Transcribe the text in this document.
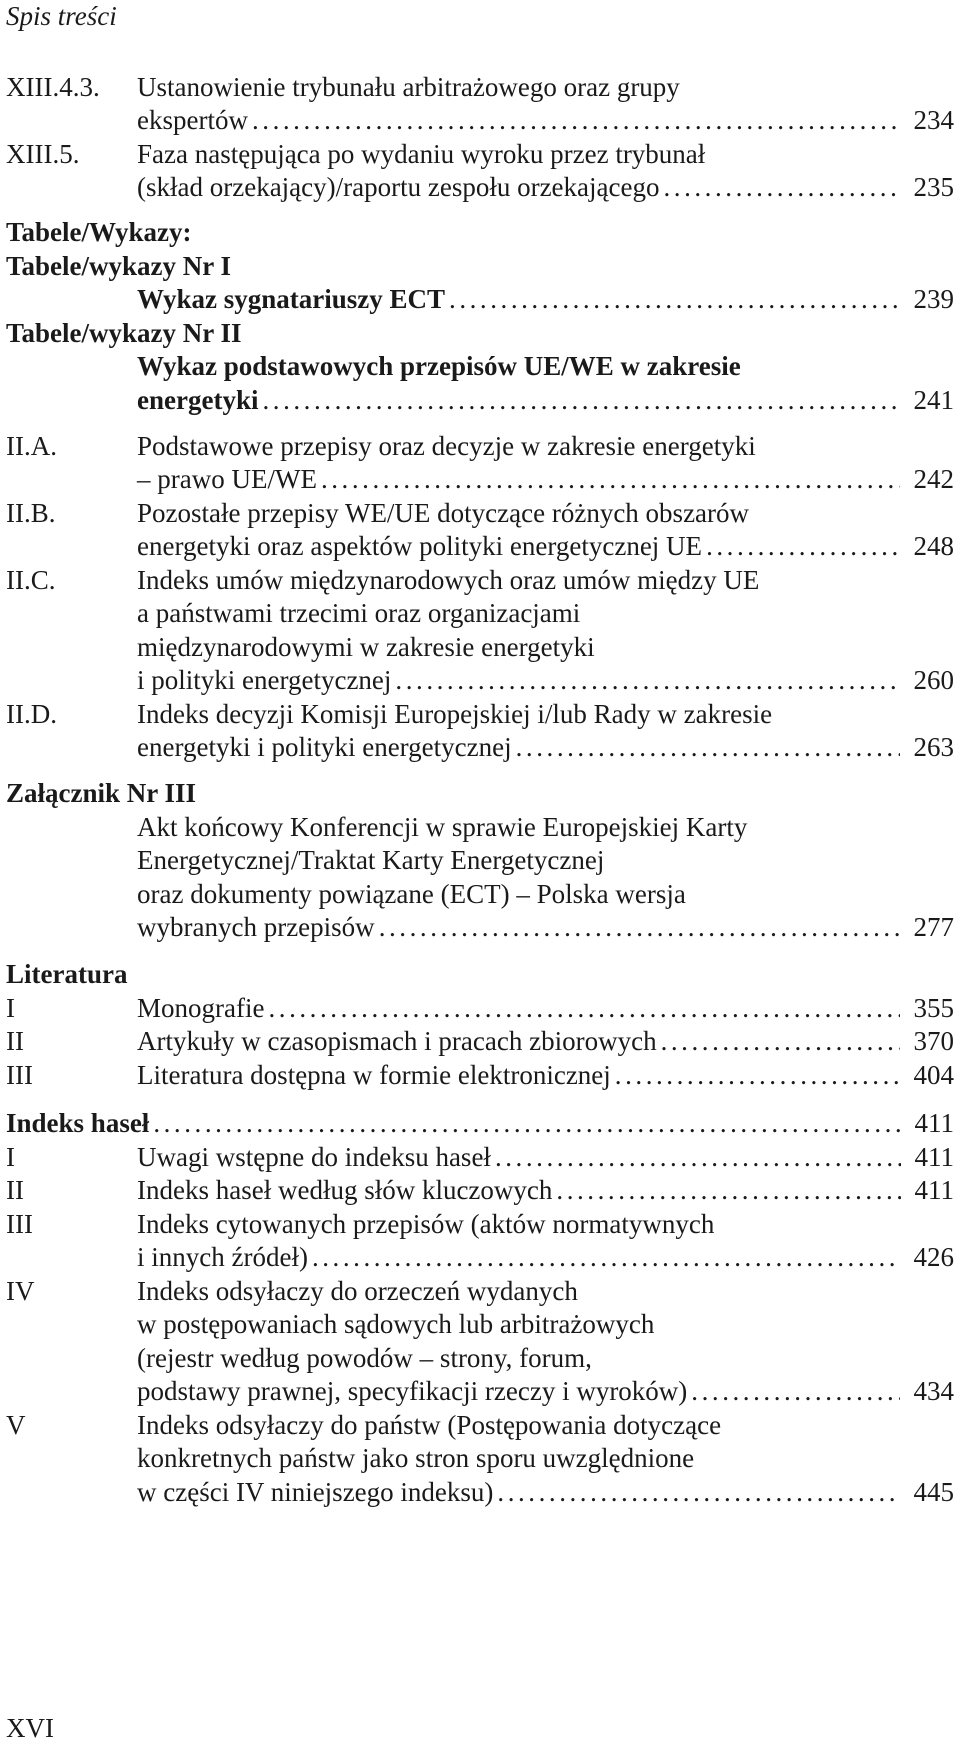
Spis treści
XIII.4.3. Ustanowienie trybunału arbitrażowego oraz grupy
ekspertów . . .	234
XIII.5. Faza następująca po wydaniu wyroku przez trybunał
(skład orzekający)/raportu zespołu orzekającego . . .	235
Tabele/Wykazy:
Tabele/wykazy Nr I
Wykaz sygnatariuszy ECT . . .	239
Tabele/wykazy Nr II
Wykaz podstawowych przepisów UE/WE w zakresie
energetyki . . .	241
II.A.	Podstawowe przepisy oraz decyzje w zakresie energetyki
– prawo UE/WE . . .	242
II.B.	Pozostałe przepisy WE/UE dotyczące różnych obszarów
energetyki oraz aspektów polityki energetycznej UE . . .	248
II.C.	Indeks umów międzynarodowych oraz umów między UE
a państwami trzecimi oraz organizacjami
międzynarodowymi w zakresie energetyki
i polityki energetycznej . . .	260
II.D.	Indeks decyzji Komisji Europejskiej i/lub Rady w zakresie
energetyki i polityki energetycznej . . .	263
Załącznik Nr III
Akt końcowy Konferencji w sprawie Europejskiej Karty
Energetycznej/Traktat Karty Energetycznej
oraz dokumenty powiązane (ECT) – Polska wersja
wybranych przepisów . . .	277
Literatura
I	Monografie . . .	355
II	Artykuły w czasopismach i pracach zbiorowych . . .	370
III	Literatura dostępna w formie elektronicznej . . .	404
Indeks haseł . . .	411
I	Uwagi wstępne do indeksu haseł . . .	411
II	Indeks haseł według słów kluczowych . . .	411
III	Indeks cytowanych przepisów (aktów normatywnych
i innych źródeł) . . .	426
IV	Indeks odsyłaczy do orzeczeń wydanych
w postępowaniach sądowych lub arbitrażowych
(rejestr według powodów – strony, forum,
podstawy prawnej, specyfikacji rzeczy i wyroków) . . .	434
V	Indeks odsyłaczy do państw (Postępowania dotyczące
konkretnych państw jako stron sporu uwzględnione
w części IV niniejszego indeksu) . . .	445
XVI
